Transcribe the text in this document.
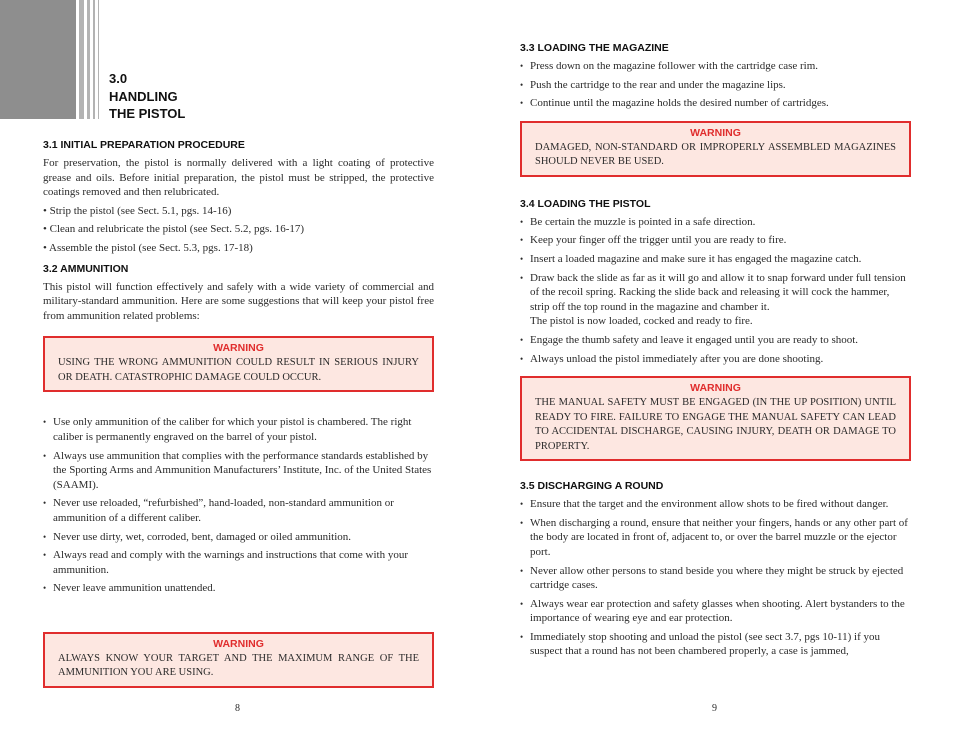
3.0
HANDLING
THE PISTOL
3.1 INITIAL PREPARATION PROCEDURE
For preservation, the pistol is normally delivered with a light coating of protective grease and oils. Before initial preparation, the pistol must be stripped, the protective coatings removed and then relubricated.
• Strip the pistol (see Sect. 5.1, pgs. 14-16)
• Clean and relubricate the pistol (see Sect. 5.2, pgs. 16-17)
• Assemble the pistol (see Sect. 5.3, pgs. 17-18)
3.2 AMMUNITION
This pistol will function effectively and safely with a wide variety of commercial and military-standard ammunition. Here are some suggestions that will keep your pistol free from ammunition related problems:
WARNING
USING THE WRONG AMMUNITION COULD RESULT IN SERIOUS INJURY OR DEATH. CATASTROPHIC DAMAGE COULD OCCUR.
• Use only ammunition of the caliber for which your pistol is chambered. The right caliber is permanently engraved on the barrel of your pistol.
• Always use ammunition that complies with the performance standards established by the Sporting Arms and Ammunition Manufacturers’ Institute, Inc. of the United States (SAAMI).
• Never use reloaded, “refurbished”, hand-loaded, non-standard ammunition or ammunition of a different caliber.
• Never use dirty, wet, corroded, bent, damaged or oiled ammunition.
• Always read and comply with the warnings and instructions that come with your ammunition.
• Never leave ammunition unattended.
WARNING
ALWAYS KNOW YOUR TARGET AND THE MAXIMUM RANGE OF THE AMMUNITION YOU ARE USING.
3.3 LOADING THE MAGAZINE
• Press down on the magazine follower with the cartridge case rim.
• Push the cartridge to the rear and under the magazine lips.
• Continue until the magazine holds the desired number of cartridges.
WARNING
DAMAGED, NON-STANDARD OR IMPROPERLY ASSEMBLED MAGAZINES SHOULD NEVER BE USED.
3.4 LOADING THE PISTOL
• Be certain the muzzle is pointed in a safe direction.
• Keep your finger off the trigger until you are ready to fire.
• Insert a loaded magazine and make sure it has engaged the magazine catch.
• Draw back the slide as far as it will go and allow it to snap forward under full tension of the recoil spring. Racking the slide back and releasing it will cock the hammer, strip off the top round in the magazine and chamber it.
The pistol is now loaded, cocked and ready to fire.
• Engage the thumb safety and leave it engaged until you are ready to shoot.
• Always unload the pistol immediately after you are done shooting.
WARNING
THE MANUAL SAFETY MUST BE ENGAGED (IN THE UP POSITION) UNTIL READY TO FIRE. FAILURE TO ENGAGE THE MANUAL SAFETY CAN LEAD TO ACCIDENTAL DISCHARGE, CAUSING INJURY, DEATH OR DAMAGE TO PROPERTY.
3.5 DISCHARGING A ROUND
• Ensure that the target and the environment allow shots to be fired without danger.
• When discharging a round, ensure that neither your fingers, hands or any other part of the body are located in front of, adjacent to, or over the barrel muzzle or the ejector port.
• Never allow other persons to stand beside you where they might be struck by ejected cartridge cases.
• Always wear ear protection and safety glasses when shooting. Alert bystanders to the importance of wearing eye and ear protection.
• Immediately stop shooting and unload the pistol (see sect 3.7, pgs 10-11) if you suspect that a round has not been chambered properly, a case is jammed,
8	9
